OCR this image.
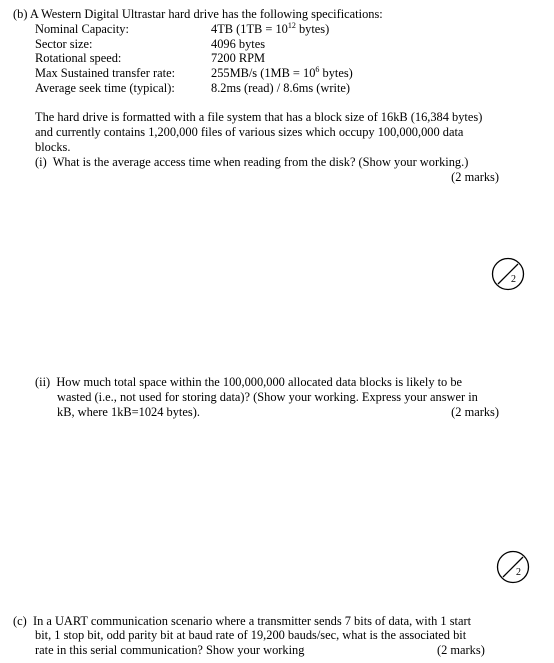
(b) A Western Digital Ultrastar hard drive has the following specifications:
Nominal Capacity:	4TB ($1TB = 10^{12}$ bytes)
Sector size:	4096 bytes
Rotational speed:	7200 RPM
Max Sustained transfer rate:	255MB/s ($1MB = 10^6$ bytes)
Average seek time (typical):	8.2ms (read) / 8.6ms (write)
The hard drive is formatted with a file system that has a block size of 16kB (16,384 bytes)
and currently contains 1,200,000 files of various sizes which occupy 100,000,000 data
blocks.
(i) What is the average access time when reading from the disk? (Show your working.)
(2 marks)
2
(ii) How much total space within the 100,000,000 allocated data blocks is likely to be
wasted (i.e., not used for storing data)? (Show your working. Express your answer in
kB, where 1kB=1024 bytes).	(2 marks)
2
(c) In a UART communication scenario where a transmitter sends 7 bits of data, with 1 start
bit, 1 stop bit, odd parity bit at baud rate of 19,200 bauds/sec, what is the associated bit
rate in this serial communication? Show your working	(2 marks)
